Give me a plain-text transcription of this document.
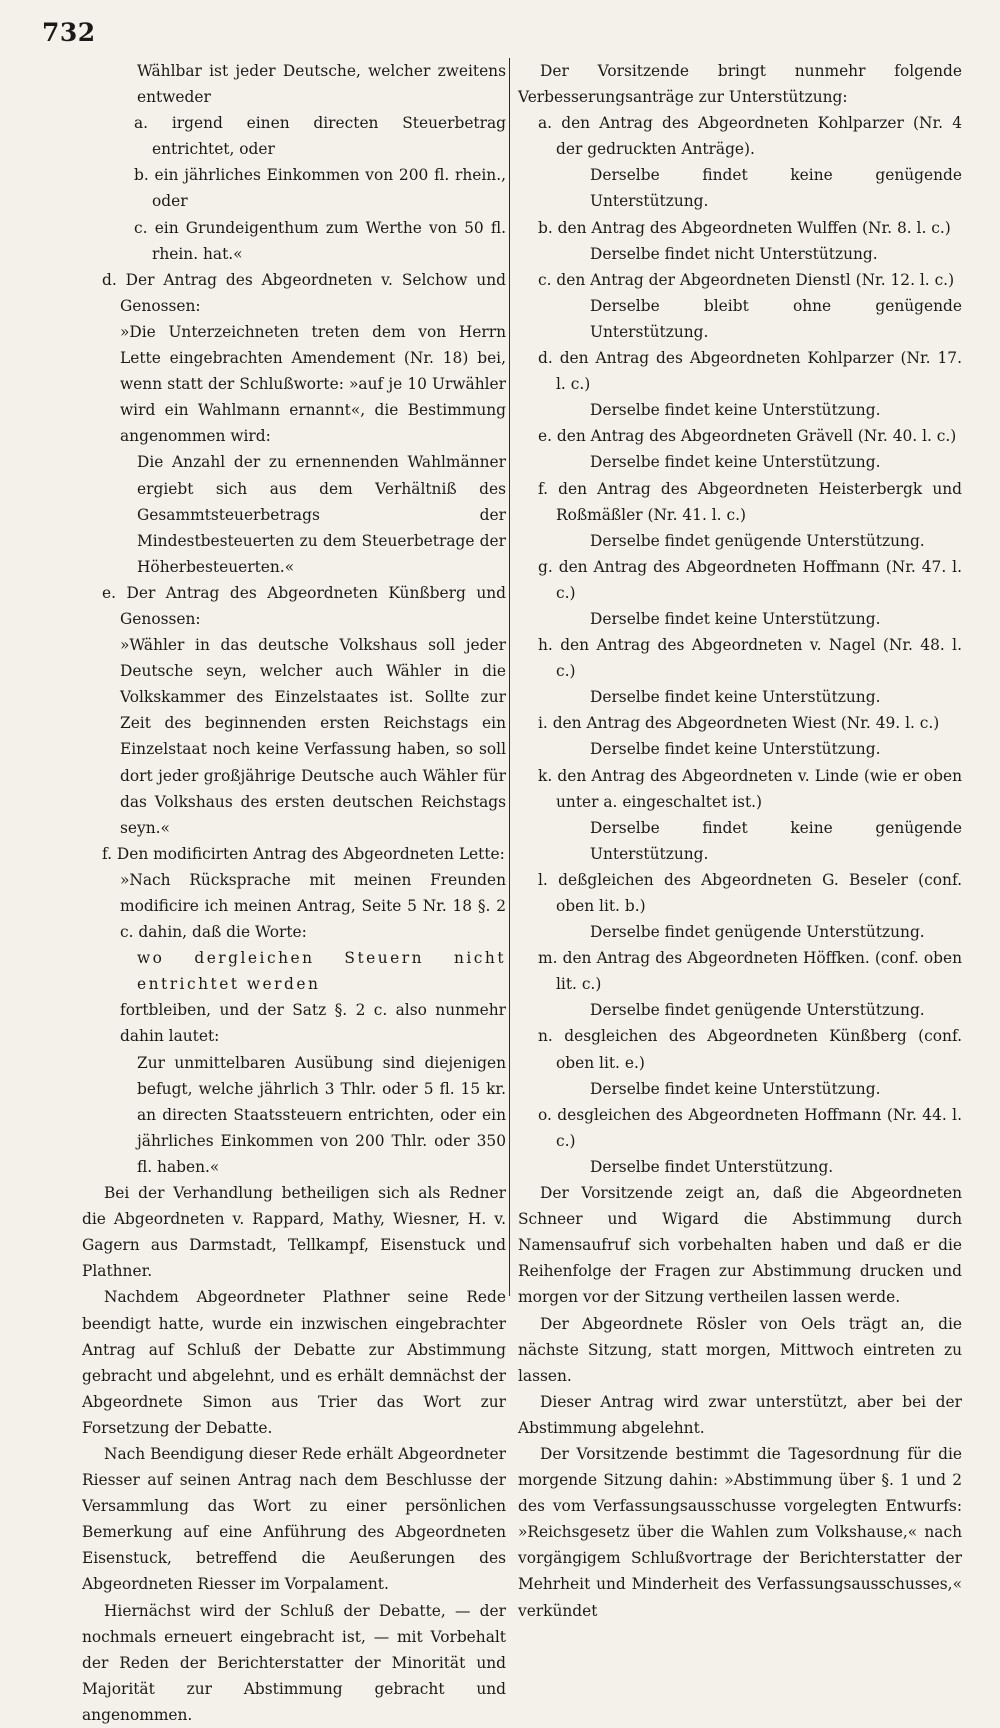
732

Wählbar ist jeder Deutsche, welcher zweitens entweder

a. irgend einen directen Steuerbetrag entrichtet, oder

b. ein jährliches Einkommen von 200 fl. rhein., oder

c. ein Grundeigenthum zum Werthe von 50 fl. rhein. hat.«

d. Der Antrag des Abgeordneten v. Selchow und Genossen:

»Die Unterzeichneten treten dem von Herrn Lette eingebrachten Amendement (Nr. 18) bei, wenn statt der Schlußworte: »auf je 10 Urwähler wird ein Wahlmann ernannt«, die Bestimmung angenommen wird:

Die Anzahl der zu ernennenden Wahlmänner ergiebt sich aus dem Verhältniß des Gesammtsteuerbetrags der Mindestbesteuerten zu dem Steuerbetrage der Höherbesteuerten.«

e. Der Antrag des Abgeordneten Künßberg und Genossen:

»Wähler in das deutsche Volkshaus soll jeder Deutsche seyn, welcher auch Wähler in die Volkskammer des Einzelstaates ist. Sollte zur Zeit des beginnenden ersten Reichstags ein Einzelstaat noch keine Verfassung haben, so soll dort jeder großjährige Deutsche auch Wähler für das Volkshaus des ersten deutschen Reichstags seyn.«

f. Den modificirten Antrag des Abgeordneten Lette:

»Nach Rücksprache mit meinen Freunden modificire ich meinen Antrag, Seite 5 Nr. 18 §. 2 c. dahin, daß die Worte:

wo dergleichen Steuern nicht entrichtet werden

fortbleiben, und der Satz §. 2 c. also nunmehr dahin lautet:

Zur unmittelbaren Ausübung sind diejenigen befugt, welche jährlich 3 Thlr. oder 5 fl. 15 kr. an directen Staatssteuern entrichten, oder ein jährliches Einkommen von 200 Thlr. oder 350 fl. haben.«

Bei der Verhandlung betheiligen sich als Redner die Abgeordneten v. Rappard, Mathy, Wiesner, H. v. Gagern aus Darmstadt, Tellkampf, Eisenstuck und Plathner.

Nachdem Abgeordneter Plathner seine Rede beendigt hatte, wurde ein inzwischen eingebrachter Antrag auf Schluß der Debatte zur Abstimmung gebracht und abgelehnt, und es erhält demnächst der Abgeordnete Simon aus Trier das Wort zur Forsetzung der Debatte.

Nach Beendigung dieser Rede erhält Abgeordneter Riesser auf seinen Antrag nach dem Beschlusse der Versammlung das Wort zu einer persönlichen Bemerkung auf eine Anführung des Abgeordneten Eisenstuck, betreffend die Aeußerungen des Abgeordneten Riesser im Vorpalament.

Hiernächst wird der Schluß der Debatte, — der nochmals erneuert eingebracht ist, — mit Vorbehalt der Reden der Berichterstatter der Minorität und Majorität zur Abstimmung gebracht und angenommen.

Der Vorsitzende bringt nunmehr folgende Verbesserungsanträge zur Unterstützung:

a. den Antrag des Abgeordneten Kohlparzer (Nr. 4 der gedruckten Anträge).

Derselbe findet keine genügende Unterstützung.

b. den Antrag des Abgeordneten Wulffen (Nr. 8. l. c.)

Derselbe findet nicht Unterstützung.

c. den Antrag der Abgeordneten Dienstl (Nr. 12. l. c.)

Derselbe bleibt ohne genügende Unterstützung.

d. den Antrag des Abgeordneten Kohlparzer (Nr. 17. l. c.)

Derselbe findet keine Unterstützung.

e. den Antrag des Abgeordneten Grävell (Nr. 40. l. c.)

Derselbe findet keine Unterstützung.

f. den Antrag des Abgeordneten Heisterbergk und Roßmäßler (Nr. 41. l. c.)

Derselbe findet genügende Unterstützung.

g. den Antrag des Abgeordneten Hoffmann (Nr. 47. l. c.)

Derselbe findet keine Unterstützung.

h. den Antrag des Abgeordneten v. Nagel (Nr. 48. l. c.)

Derselbe findet keine Unterstützung.

i. den Antrag des Abgeordneten Wiest (Nr. 49. l. c.)

Derselbe findet keine Unterstützung.

k. den Antrag des Abgeordneten v. Linde (wie er oben unter a. eingeschaltet ist.)

Derselbe findet keine genügende Unterstützung.

l. deßgleichen des Abgeordneten G. Beseler (conf. oben lit. b.)

Derselbe findet genügende Unterstützung.

m. den Antrag des Abgeordneten Höffken. (conf. oben lit. c.)

Derselbe findet genügende Unterstützung.

n. desgleichen des Abgeordneten Künßberg (conf. oben lit. e.)

Derselbe findet keine Unterstützung.

o. desgleichen des Abgeordneten Hoffmann (Nr. 44. l. c.)

Derselbe findet Unterstützung.

Der Vorsitzende zeigt an, daß die Abgeordneten Schneer und Wigard die Abstimmung durch Namensaufruf sich vorbehalten haben und daß er die Reihenfolge der Fragen zur Abstimmung drucken und morgen vor der Sitzung vertheilen lassen werde.

Der Abgeordnete Rösler von Oels trägt an, die nächste Sitzung, statt morgen, Mittwoch eintreten zu lassen.

Dieser Antrag wird zwar unterstützt, aber bei der Abstimmung abgelehnt.

Der Vorsitzende bestimmt die Tagesordnung für die morgende Sitzung dahin: »Abstimmung über §. 1 und 2 des vom Verfassungsausschusse vorgelegten Entwurfs: »Reichsgesetz über die Wahlen zum Volkshause,« nach vorgängigem Schlußvortrage der Berichterstatter der Mehrheit und Minderheit des Verfassungsausschusses,« verkündet
